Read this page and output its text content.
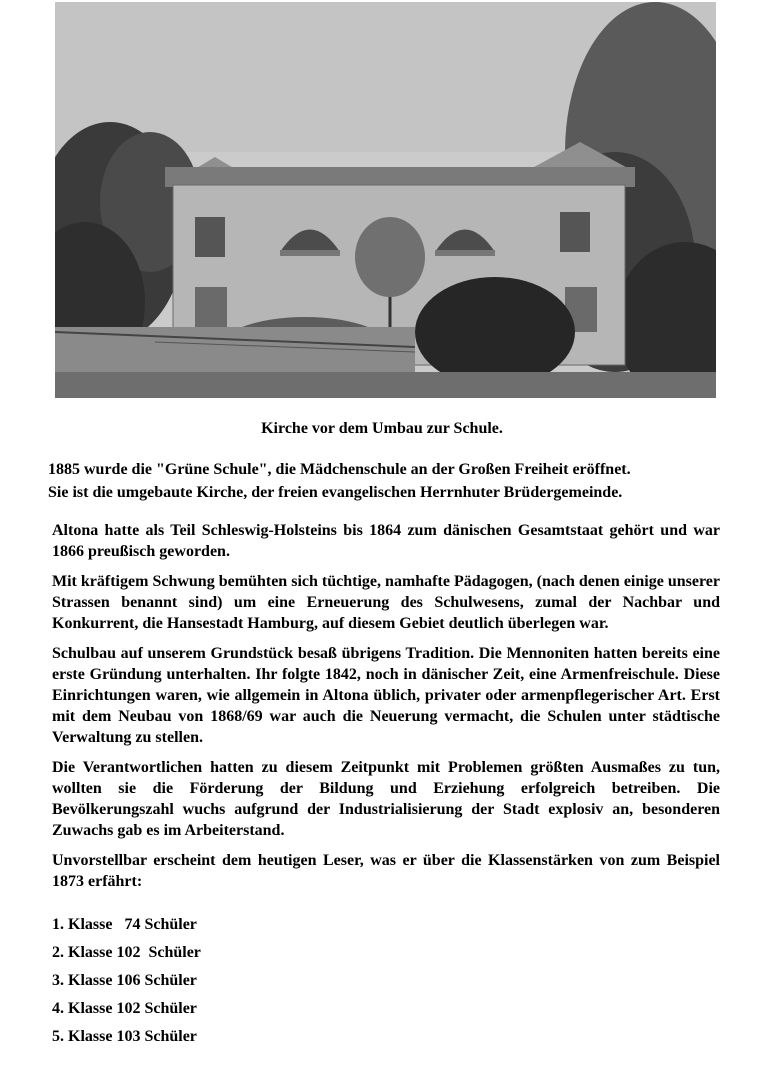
Kirche vor dem Umbau zur Schule.

1885 wurde die "Grüne Schule", die Mädchenschule an der Großen Freiheit eröffnet.

Sie ist die umgebaute Kirche, der freien evangelischen Herrnhuter Brüdergemeinde.

Altona hatte als Teil Schleswig-Holsteins bis 1864 zum dänischen Gesamtstaat gehört und war 1866 preußisch geworden.

Mit kräftigem Schwung bemühten sich tüchtige, namhafte Pädagogen, (nach denen einige unserer Strassen benannt sind) um eine Erneuerung des Schulwesens, zumal der Nachbar und Konkurrent, die Hansestadt Hamburg, auf diesem Gebiet deutlich überlegen war.

Schulbau auf unserem Grundstück besaß übrigens Tradition. Die Mennoniten hatten bereits eine erste Gründung unterhalten. Ihr folgte 1842, noch in dänischer Zeit, eine Armenfreischule. Diese Einrichtungen waren, wie allgemein in Altona üblich, privater oder armenpflegerischer Art. Erst mit dem Neubau von 1868/69 war auch die Neuerung vermacht, die Schulen unter städtische Verwaltung zu stellen.

Die Verantwortlichen hatten zu diesem Zeitpunkt mit Problemen größten Ausmaßes zu tun, wollten sie die Förderung der Bildung und Erziehung erfolgreich betreiben. Die Bevölkerungszahl wuchs aufgrund der Industrialisierung der Stadt explosiv an, besonderen Zuwachs gab es im Arbeiterstand.

Unvorstellbar erscheint dem heutigen Leser, was er über die Klassenstärken von zum Beispiel 1873 erfährt:

1. Klasse   74 Schüler
2. Klasse 102  Schüler
3. Klasse 106 Schüler
4. Klasse 102 Schüler
5. Klasse 103 Schüler
